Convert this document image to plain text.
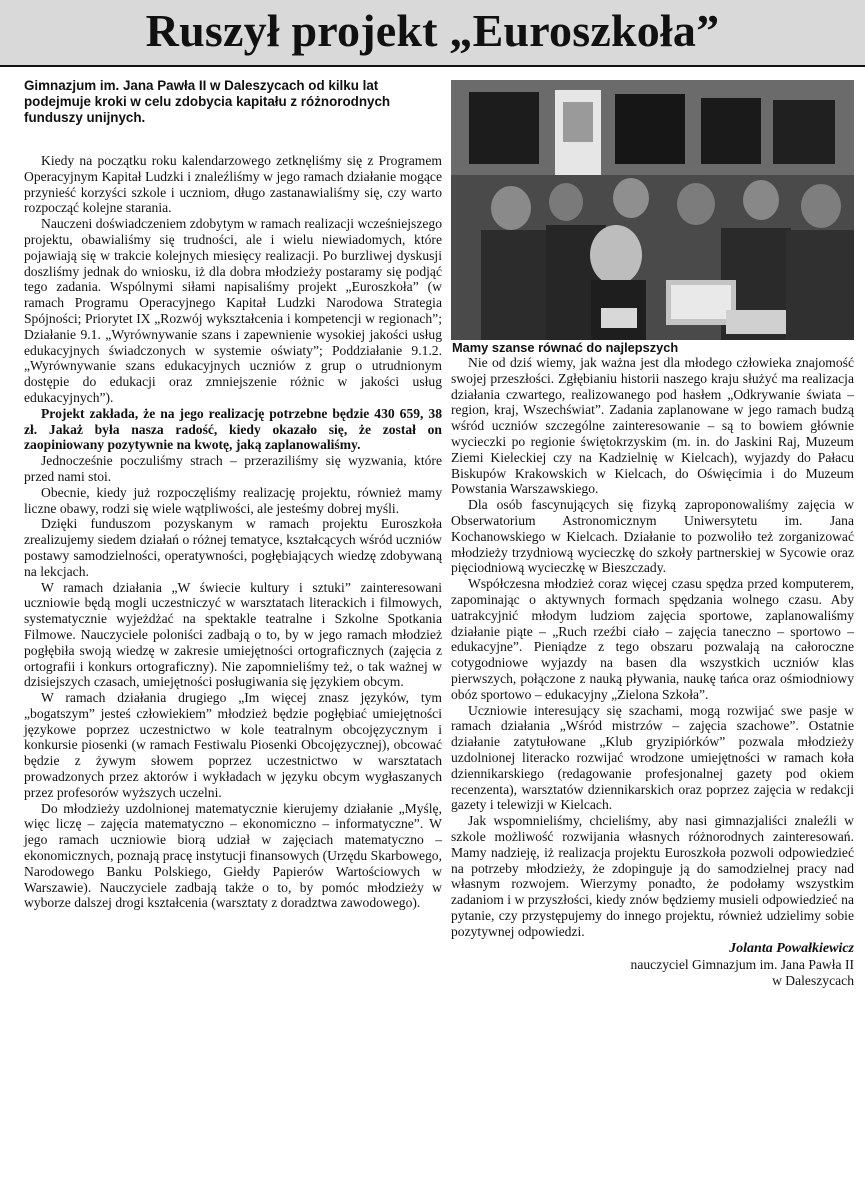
Ruszył projekt „Euroszkoła”
Gimnazjum im. Jana Pawła II w Daleszycach od kilku lat podejmuje kroki w celu zdobycia kapitału z różnorodnych funduszy unijnych.

Kiedy na początku roku kalendarzowego zetknęliśmy się z Programem Operacyjnym Kapitał Ludzki i znaleźliśmy w jego ramach działanie mogące przynieść korzyści szkole i uczniom, długo zastanawialiśmy się, czy warto rozpocząć kolejne starania.

Nauczeni doświadczeniem zdobytym w ramach realizacji wcześniejszego projektu, obawialiśmy się trudności, ale i wielu niewiadomych, które pojawiają się w trakcie kolejnych miesięcy realizacji. Po burzliwej dyskusji doszliśmy jednak do wniosku, iż dla dobra młodzieży postaramy się podjąć tego zadania. Wspólnymi siłami napisaliśmy projekt „Euroszkoła” (w ramach Programu Operacyjnego Kapitał Ludzki Narodowa Strategia Spójności; Priorytet IX „Rozwój wykształcenia i kompetencji w regionach”; Działanie 9.1. „Wyrównywanie szans i zapewnienie wysokiej jakości usług edukacyjnych świadczonych w systemie oświaty”; Poddziałanie 9.1.2. „Wyrównywanie szans edukacyjnych uczniów z grup o utrudnionym dostępie do edukacji oraz zmniejszenie różnic w jakości usług edukacyjnych”).

Projekt zakłada, że na jego realizację potrzebne będzie 430 659, 38 zł. Jakaż była nasza radość, kiedy okazało się, że został on zaopiniowany pozytywnie na kwotę, jaką zaplanowaliśmy.

Jednocześnie poczuliśmy strach – przeraziliśmy się wyzwania, które przed nami stoi.

Obecnie, kiedy już rozpoczęliśmy realizację projektu, również mamy liczne obawy, rodzi się wiele wątpliwości, ale jesteśmy dobrej myśli.

Dzięki funduszom pozyskanym w ramach projektu Euroszkoła zrealizujemy siedem działań o różnej tematyce, kształcących wśród uczniów postawy samodzielności, operatywności, pogłębiających wiedzę zdobywaną na lekcjach.

W ramach działania „W świecie kultury i sztuki” zainteresowani uczniowie będą mogli uczestniczyć w warsztatach literackich i filmowych, systematycznie wyjeżdżać na spektakle teatralne i Szkolne Spotkania Filmowe. Nauczyciele poloniści zadbają o to, by w jego ramach młodzież pogłębiła swoją wiedzę w zakresie umiejętności ortograficznych (zajęcia z ortografii i konkurs ortograficzny). Nie zapomnieliśmy też, o tak ważnej w dzisiejszych czasach, umiejętności posługiwania się językiem obcym.

W ramach działania drugiego „Im więcej znasz języków, tym „bogatszym” jesteś człowiekiem” młodzież będzie pogłębiać umiejętności językowe poprzez uczestnictwo w kole teatralnym obcojęzycznym i konkursie piosenki (w ramach Festiwalu Piosenki Obcojęzycznej), obcować będzie z żywym słowem poprzez uczestnictwo w warsztatach prowadzonych przez aktorów i wykładach w języku obcym wygłaszanych przez profesorów wyższych uczelni.

Do młodzieży uzdolnionej matematycznie kierujemy działanie „Myślę, więc liczę – zajęcia matematyczno – ekonomiczno – informatyczne”. W jego ramach uczniowie biorą udział w zajęciach matematyczno – ekonomicznych, poznają pracę instytucji finansowych (Urzędu Skarbowego, Narodowego Banku Polskiego, Giełdy Papierów Wartościowych w Warszawie). Nauczyciele zadbają także o to, by pomóc młodzieży w wyborze dalszej drogi kształcenia (warsztaty z doradztwa zawodowego).

Mamy szanse równać do najlepszych

Nie od dziś wiemy, jak ważna jest dla młodego człowieka znajomość swojej przeszłości. Zgłębianiu historii naszego kraju służyć ma realizacja działania czwartego, realizowanego pod hasłem „Odkrywanie świata – region, kraj, Wszechświat”. Zadania zaplanowane w jego ramach budzą wśród uczniów szczególne zainteresowanie – są to bowiem głównie wycieczki po regionie świętokrzyskim (m. in. do Jaskini Raj, Muzeum Ziemi Kieleckiej czy na Kadzielnię w Kielcach), wyjazdy do Pałacu Biskupów Krakowskich w Kielcach, do Oświęcimia i do Muzeum Powstania Warszawskiego.

Dla osób fascynujących się fizyką zaproponowaliśmy zajęcia w Obserwatorium Astronomicznym Uniwersytetu im. Jana Kochanowskiego w Kielcach. Działanie to pozwoliło też zorganizować młodzieży trzydniową wycieczkę do szkoły partnerskiej w Sycowie oraz pięciodniową wycieczkę w Bieszczady.

Współczesna młodzież coraz więcej czasu spędza przed komputerem, zapominając o aktywnych formach spędzania wolnego czasu. Aby uatrakcyjnić młodym ludziom zajęcia sportowe, zaplanowaliśmy działanie piąte – „Ruch rzeźbi ciało – zajęcia taneczno – sportowo – edukacyjne”. Pieniądze z tego obszaru pozwalają na całoroczne cotygodniowe wyjazdy na basen dla wszystkich uczniów klas pierwszych, połączone z nauką pływania, naukę tańca oraz ośmiodniowy obóz sportowo – edukacyjny „Zielona Szkoła”.

Uczniowie interesujący się szachami, mogą rozwijać swe pasje w ramach działania „Wśród mistrzów – zajęcia szachowe”. Ostatnie działanie zatytułowane „Klub gryzipiórków” pozwala młodzieży uzdolnionej literacko rozwijać wrodzone umiejętności w ramach koła dziennikarskiego (redagowanie profesjonalnej gazety pod okiem recenzenta), warsztatów dziennikarskich oraz poprzez zajęcia w redakcji gazety i telewizji w Kielcach.

Jak wspomnieliśmy, chcieliśmy, aby nasi gimnazjaliści znaleźli w szkole możliwość rozwijania własnych różnorodnych zainteresowań. Mamy nadzieję, iż realizacja projektu Euroszkoła pozwoli odpowiedzieć na potrzeby młodzieży, że zdopinguje ją do samodzielnej pracy nad własnym rozwojem. Wierzymy ponadto, że podołamy wszystkim zadaniom i w przyszłości, kiedy znów będziemy musieli odpowiedzieć na pytanie, czy przystępujemy do innego projektu, również udzielimy sobie pozytywnej odpowiedzi.

Jolanta Powałkiewicz
nauczyciel Gimnazjum im. Jana Pawła II
w Daleszycach
